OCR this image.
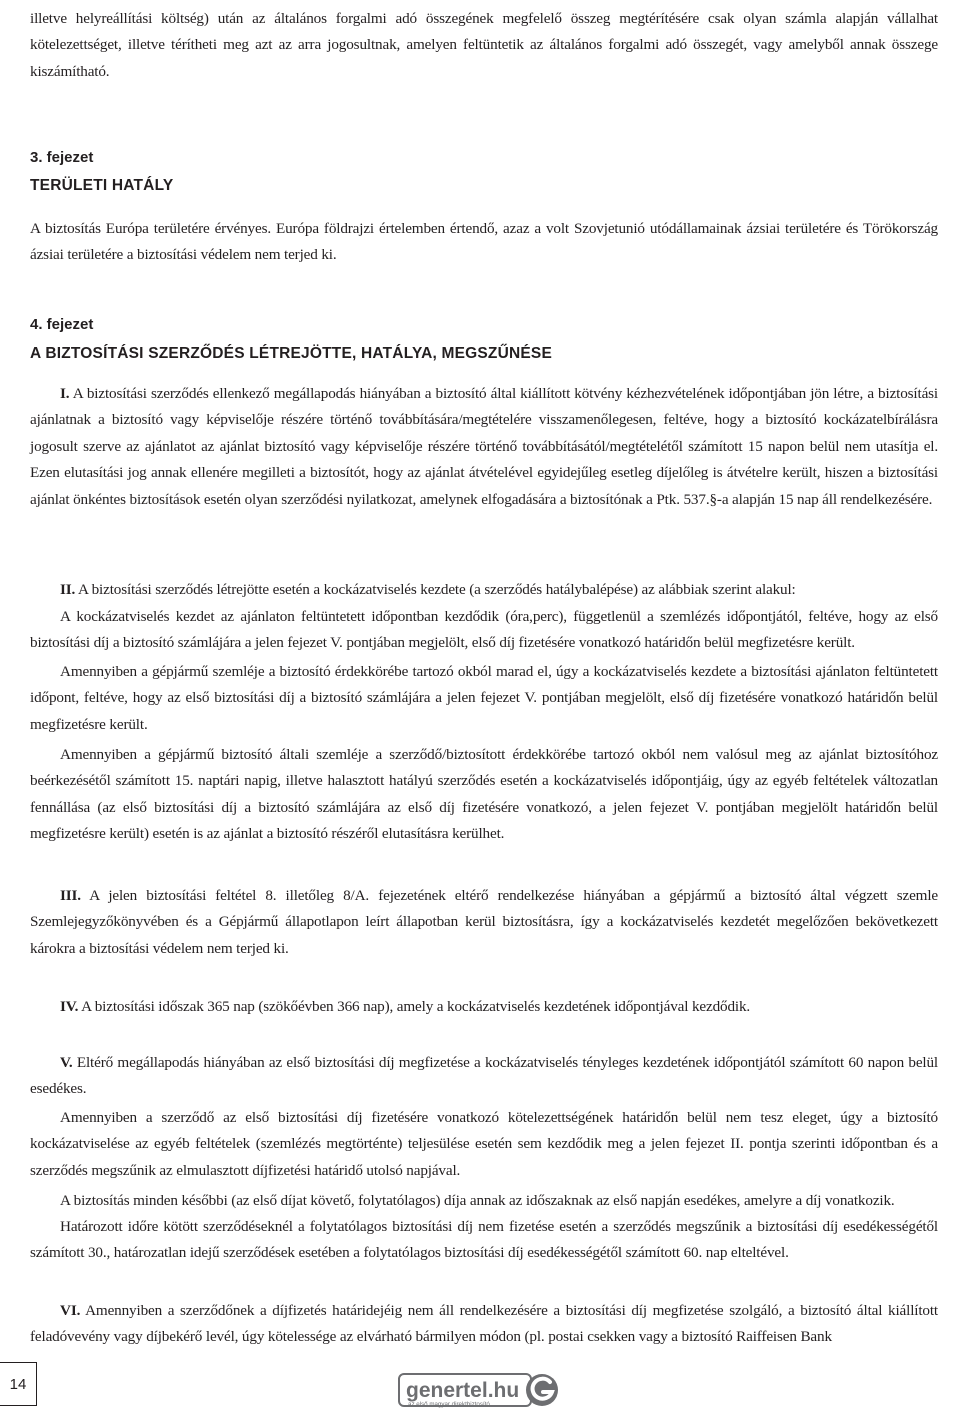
illetve helyreállítási költség) után az általános forgalmi adó összegének megfelelő összeg megtérítésére csak olyan számla alapján vállalhat kötelezettséget, illetve térítheti meg azt az arra jogosultnak, amelyen feltüntetik az általános forgalmi adó összegét, vagy amelyből annak összege kiszámítható.

3. fejezet

TERÜLETI HATÁLY

A biztosítás Európa területére érvényes. Európa földrajzi értelemben értendő, azaz a volt Szovjetunió utódállamainak ázsiai területére és Törökország ázsiai területére a biztosítási védelem nem terjed ki.

4. fejezet

A BIZTOSÍTÁSI SZERZŐDÉS LÉTREJÖTTE, HATÁLYA, MEGSZŰNÉSE

I. A biztosítási szerződés ellenkező megállapodás hiányában a biztosító által kiállított kötvény kézhezvételének időpontjában jön létre, a biztosítási ajánlatnak a biztosító vagy képviselője részére történő továbbítására/megtételére visszamenőlegesen, feltéve, hogy a biztosító kockázatelbírálásra jogosult szerve az ajánlatot az ajánlat biztosító vagy képviselője részére történő továbbításától/megtételétől számított 15 napon belül nem utasítja el. Ezen elutasítási jog annak ellenére megilleti a biztosítót, hogy az ajánlat átvételével egyidejűleg esetleg díjelőleg is átvételre került, hiszen a biztosítási ajánlat önkéntes biztosítások esetén olyan szerződési nyilatkozat, amelynek elfogadására a biztosítónak a Ptk. 537.§-a alapján 15 nap áll rendelkezésére.

II. A biztosítási szerződés létrejötte esetén a kockázatviselés kezdete (a szerződés hatálybalépése) az alábbiak szerint alakul:

A kockázatviselés kezdet az ajánlaton feltüntetett időpontban kezdődik (óra,perc), függetlenül a szemlézés időpontjától, feltéve, hogy az első biztosítási díj a biztosító számlájára a jelen fejezet V. pontjában megjelölt, első díj fizetésére vonatkozó határidőn belül megfizetésre került.

Amennyiben a gépjármű szemléje a biztosító érdekkörébe tartozó okból marad el, úgy a kockázatviselés kezdete a biztosítási ajánlaton feltüntetett időpont, feltéve, hogy az első biztosítási díj a biztosító számlájára a jelen fejezet V. pontjában megjelölt, első díj fizetésére vonatkozó határidőn belül megfizetésre került.

Amennyiben a gépjármű biztosító általi szemléje a szerződő/biztosított érdekkörébe tartozó okból nem valósul meg az ajánlat biztosítóhoz beérkezésétől számított 15. naptári napig, illetve halasztott hatályú szerződés esetén a kockázatviselés időpontjáig, úgy az egyéb feltételek változatlan fennállása (az első biztosítási díj a biztosító számlájára az első díj fizetésére vonatkozó, a jelen fejezet V. pontjában megjelölt határidőn belül megfizetésre került) esetén is az ajánlat a biztosító részéről elutasításra kerülhet.

III. A jelen biztosítási feltétel 8. illetőleg 8/A. fejezetének eltérő rendelkezése hiányában a gépjármű a biztosító által végzett szemle Szemlejegyzőkönyvében és a Gépjármű állapotlapon leírt állapotban kerül biztosításra, így a kockázatviselés kezdetét megelőzően bekövetkezett károkra a biztosítási védelem nem terjed ki.

IV. A biztosítási időszak 365 nap (szökőévben 366 nap), amely a kockázatviselés kezdetének időpontjával kezdődik.

V. Eltérő megállapodás hiányában az első biztosítási díj megfizetése a kockázatviselés tényleges kezdetének időpontjától számított 60 napon belül esedékes.

Amennyiben a szerződő az első biztosítási díj fizetésére vonatkozó kötelezettségének határidőn belül nem tesz eleget, úgy a biztosító kockázatviselése az egyéb feltételek (szemlézés megtörténte) teljesülése esetén sem kezdődik meg a jelen fejezet II. pontja szerinti időpontban és a szerződés megszűnik az elmulasztott díjfizetési határidő utolsó napjával.

A biztosítás minden későbbi (az első díjat követő, folytatólagos) díja annak az időszaknak az első napján esedékes, amelyre a díj vonatkozik.

Határozott időre kötött szerződéseknél a folytatólagos biztosítási díj nem fizetése esetén a szerződés megszűnik a biztosítási díj esedékességétől számított 30., határozatlan idejű szerződések esetében a folytatólagos biztosítási díj esedékességétől számított 60. nap elteltével.

VI. Amennyiben a szerződőnek a díjfizetés határidejéig nem áll rendelkezésére a biztosítási díj megfizetése szolgáló, a biztosító által kiállított feladóvevény vagy díjbekérő levél, úgy kötelessége az elvárható bármilyen módon (pl. postai csekken vagy a biztosító Raiffeisen Bank

14	genertel.hu
az első magyar direktbiztosító
